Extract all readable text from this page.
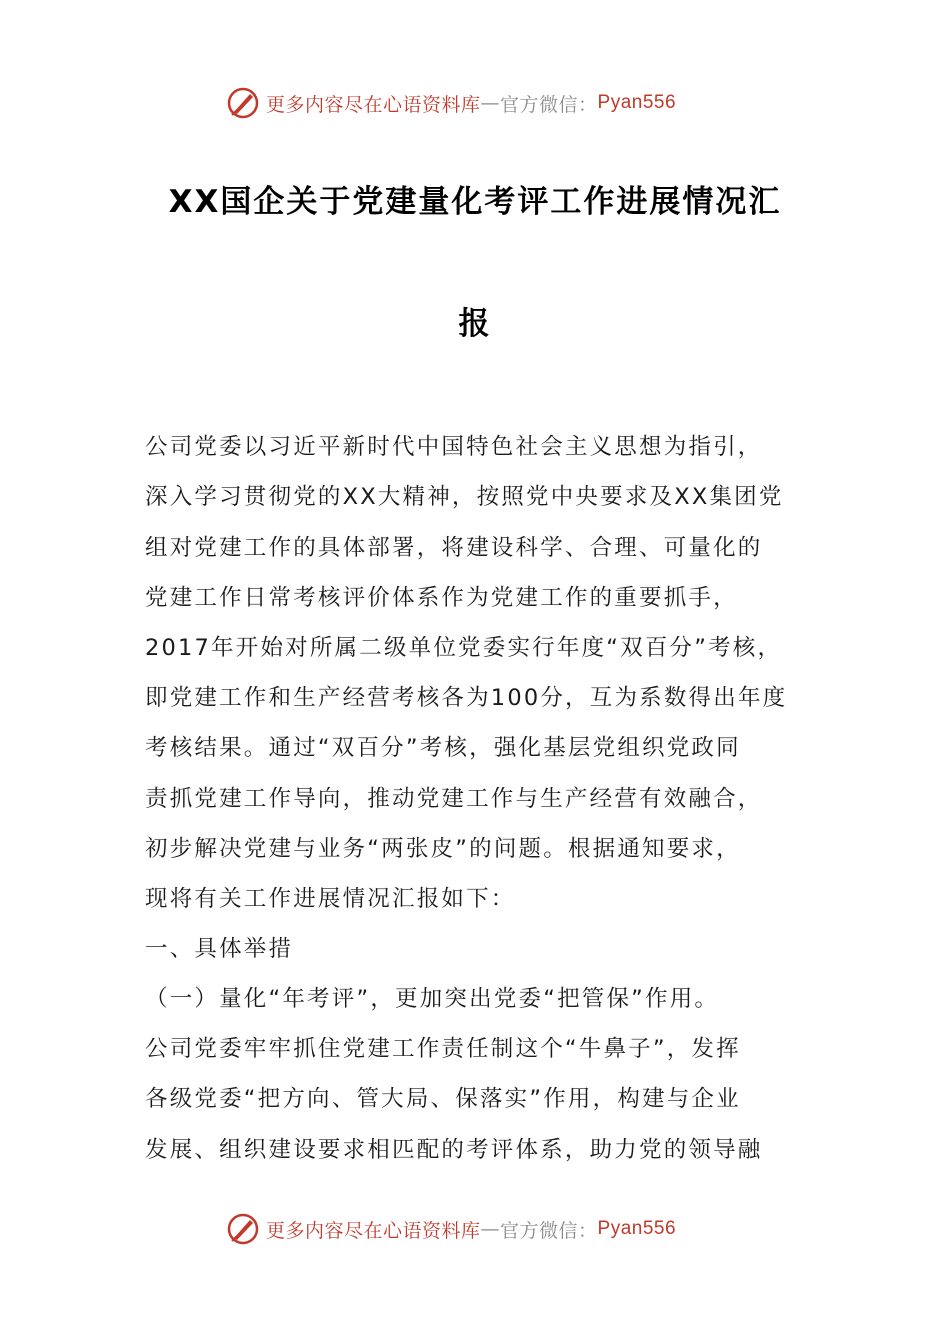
更多内容尽在心语资料库 — 官方微信： Pyan556
XX国企关于党建量化考评工作进展情况汇
报
公司党委以习近平新时代中国特色社会主义思想为指引，
深入学习贯彻党的XX大精神，按照党中央要求及XX集团党
组对党建工作的具体部署，将建设科学、合理、可量化的
党建工作日常考核评价体系作为党建工作的重要抓手，
2017年开始对所属二级单位党委实行年度“双百分”考核，
即党建工作和生产经营考核各为100分，互为系数得出年度
考核结果。通过“双百分”考核，强化基层党组织党政同
责抓党建工作导向，推动党建工作与生产经营有效融合，
初步解决党建与业务“两张皮”的问题。根据通知要求，
现将有关工作进展情况汇报如下：
一、具体举措
（一）量化“年考评”，更加突出党委“把管保”作用。
公司党委牢牢抓住党建工作责任制这个“牛鼻子”，发挥
各级党委“把方向、管大局、保落实”作用，构建与企业
发展、组织建设要求相匹配的考评体系，助力党的领导融
更多内容尽在心语资料库 — 官方微信： Pyan556
